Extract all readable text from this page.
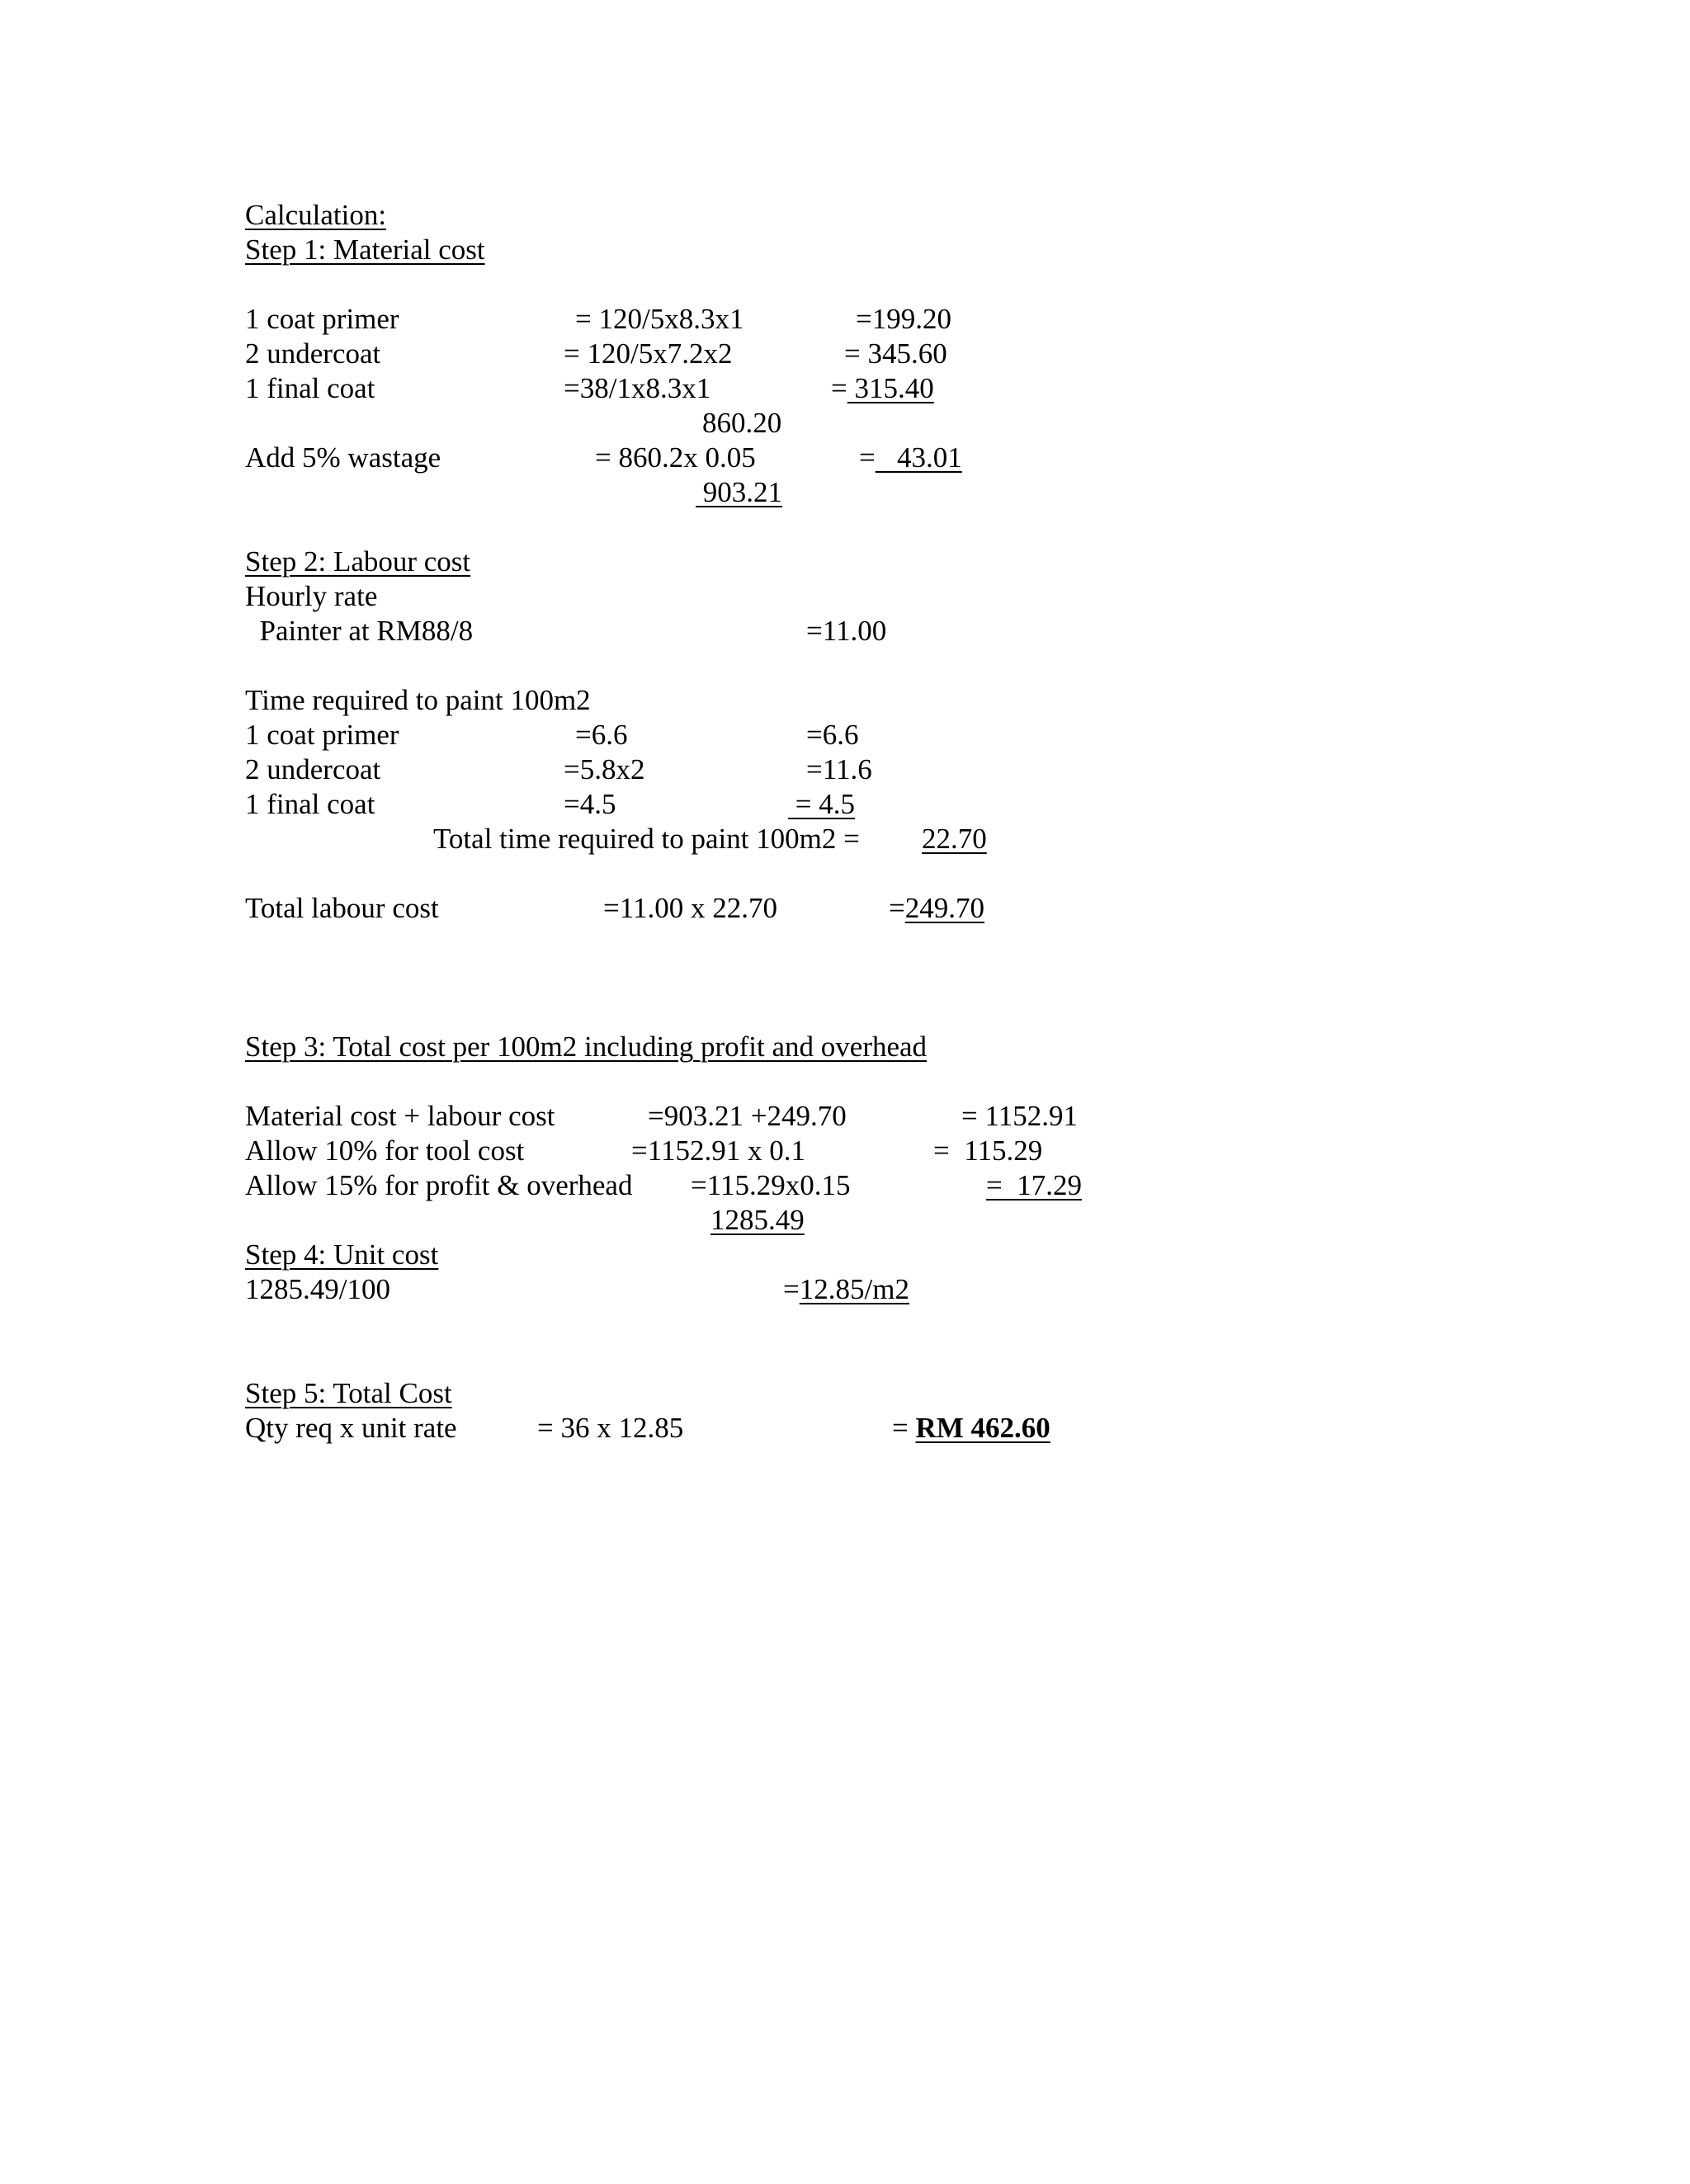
Calculation:

Step 1: Material cost

1 coat primer	= 120/5x8.3x1	=199.20

2 undercoat	= 120/5x7.2x2	= 345.60

1 final coat	=38/1x8.3x1	= 315.40

860.20

Add 5% wastage	= 860.2x 0.05	=   43.01

903.21

Step 2: Labour cost

Hourly rate

Painter at RM88/8	=11.00

Time required to paint 100m2

1 coat primer	=6.6	=6.6

2 undercoat	=5.8x2	=11.6

1 final coat	=4.5	= 4.5

Total time required to paint 100m2 = 22.70

Total labour cost	=11.00 x 22.70	=249.70

Step 3: Total cost per 100m2 including profit and overhead

Material cost + labour cost	=903.21 +249.70	= 1152.91

Allow 10% for tool cost	=1152.91 x 0.1	=  115.29

Allow 15% for profit & overhead =115.29x0.15	=  17.29

1285.49

Step 4: Unit cost

1285.49/100	=12.85/m2

Step 5: Total Cost

Qty req x unit rate	= 36 x 12.85	= RM 462.60
